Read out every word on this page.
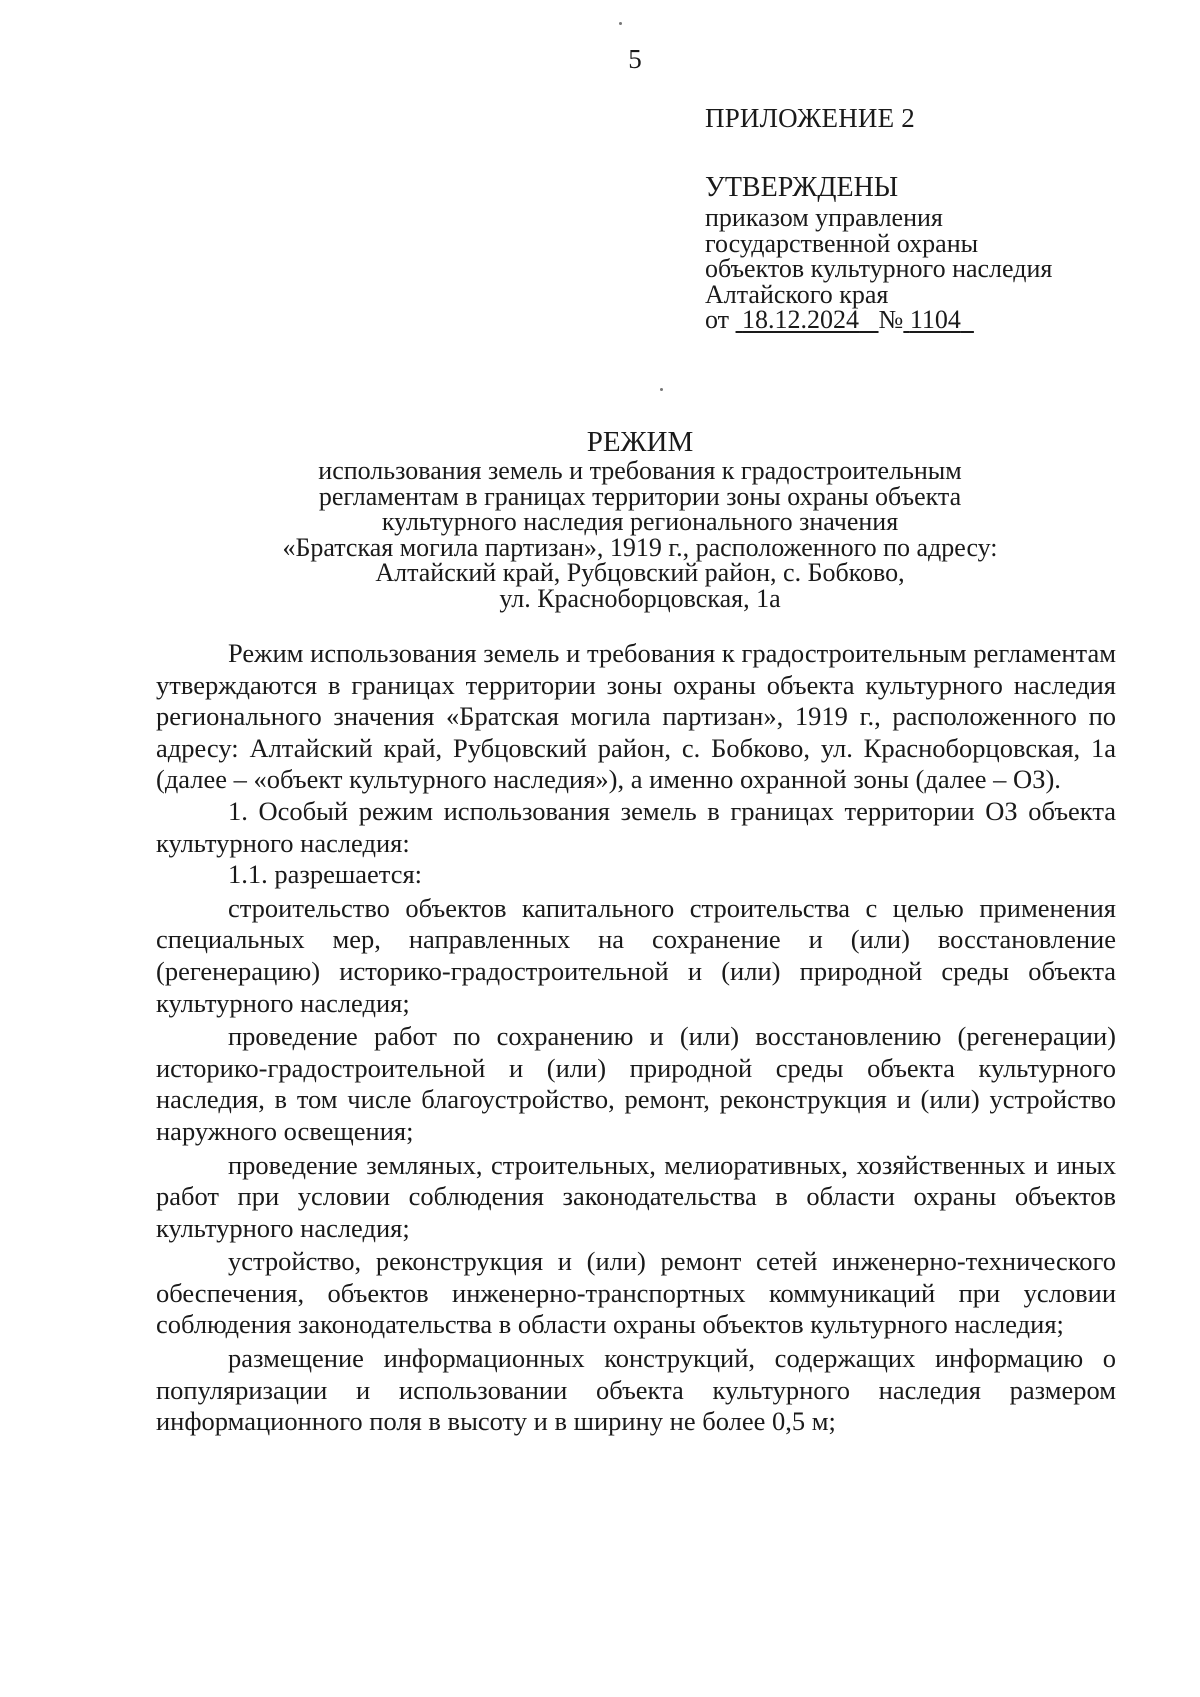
5
ПРИЛОЖЕНИЕ 2
УТВЕРЖДЕНЫ
приказом управления
государственной охраны
объектов культурного наследия
Алтайского края
от 18.12.2024 № 1104
РЕЖИМ
использования земель и требования к градостроительным
регламентам в границах территории зоны охраны объекта
культурного наследия регионального значения
«Братская могила партизан», 1919 г., расположенного по адресу:
Алтайский край, Рубцовский район, с. Бобково,
ул. Красноборцовская, 1а

Режим использования земель и требования к градостроительным регламентам утверждаются в границах территории зоны охраны объекта культурного наследия регионального значения «Братская могила партизан», 1919 г., расположенного по адресу: Алтайский край, Рубцовский район, с. Бобково, ул. Красноборцовская, 1а (далее – «объект культурного наследия»), а именно охранной зоны (далее – ОЗ).

1. Особый режим использования земель в границах территории ОЗ объекта культурного наследия:

1.1. разрешается:

строительство объектов капитального строительства с целью применения специальных мер, направленных на сохранение и (или) восстановление (регенерацию) историко-градостроительной и (или) природной среды объекта культурного наследия;

проведение работ по сохранению и (или) восстановлению (регенерации) историко-градостроительной и (или) природной среды объекта культурного наследия, в том числе благоустройство, ремонт, реконструкция и (или) устройство наружного освещения;

проведение земляных, строительных, мелиоративных, хозяйственных и иных работ при условии соблюдения законодательства в области охраны объектов культурного наследия;

устройство, реконструкция и (или) ремонт сетей инженерно-технического обеспечения, объектов инженерно-транспортных коммуникаций при условии соблюдения законодательства в области охраны объектов культурного наследия;

размещение информационных конструкций, содержащих информацию о популяризации и использовании объекта культурного наследия размером информационного поля в высоту и в ширину не более 0,5 м;
